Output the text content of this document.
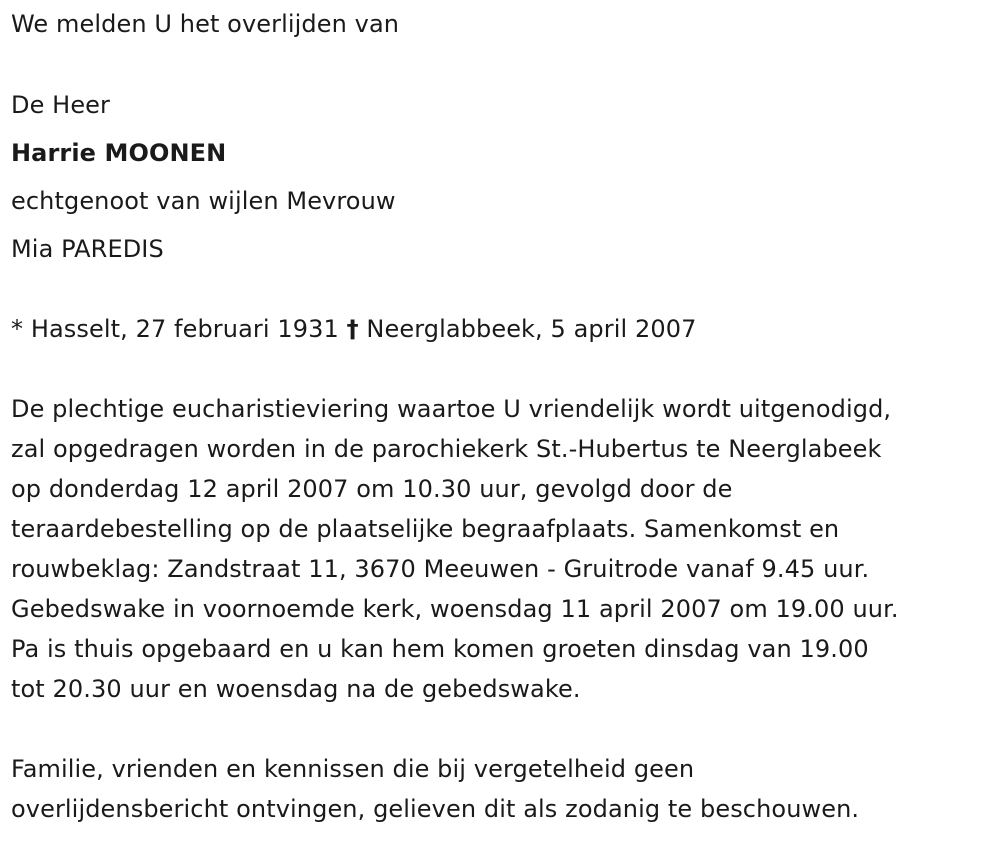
We melden U het overlijden van

De Heer

Harrie MOONEN

echtgenoot van wijlen Mevrouw

Mia PAREDIS

* Hasselt, 27 februari 1931 † Neerglabbeek, 5 april 2007

De plechtige eucharistieviering waartoe U vriendelijk wordt uitgenodigd,

zal opgedragen worden in de parochiekerk St.-Hubertus te Neerglabeek

op donderdag 12 april 2007 om 10.30 uur, gevolgd door de

teraardebestelling op de plaatselijke begraafplaats. Samenkomst en

rouwbeklag: Zandstraat 11, 3670 Meeuwen - Gruitrode vanaf 9.45 uur.

Gebedswake in voornoemde kerk, woensdag 11 april 2007 om 19.00 uur.

Pa is thuis opgebaard en u kan hem komen groeten dinsdag van 19.00

tot 20.30 uur en woensdag na de gebedswake.

Familie, vrienden en kennissen die bij vergetelheid geen

overlijdensbericht ontvingen, gelieven dit als zodanig te beschouwen.
